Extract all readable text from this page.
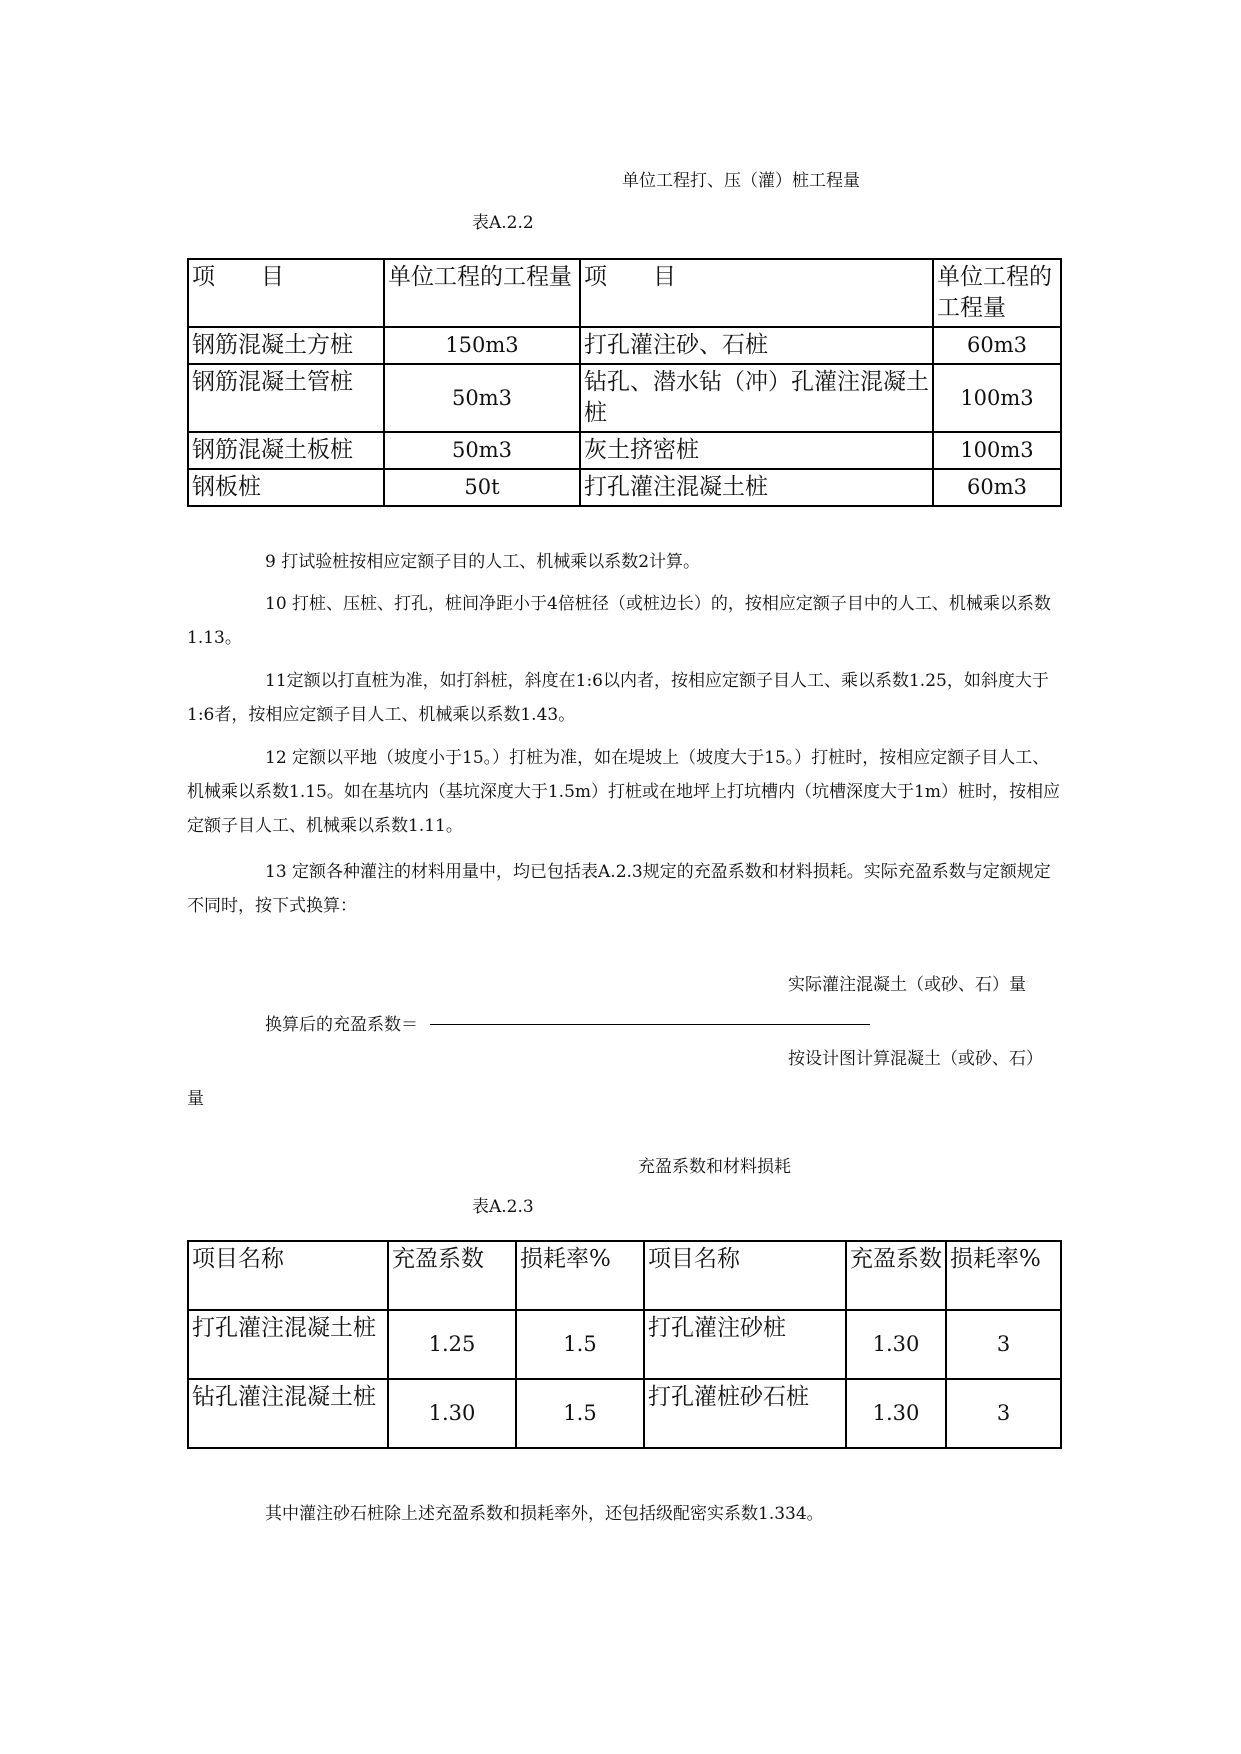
单位工程打、压（灌）桩工程量
表A.2.2
项　　目	单位工程的工程量	项　　目	单位工程的工程量
钢筋混凝土方桩	150m3	打孔灌注砂、石桩	60m3
钢筋混凝土管桩	50m3	钻孔、潜水钻（冲）孔灌注混凝土桩	100m3
钢筋混凝土板桩	50m3	灰土挤密桩	100m3
钢板桩	50t	打孔灌注混凝土桩	60m3
9 打试验桩按相应定额子目的人工、机械乘以系数2计算。
10 打桩、压桩、打孔，桩间净距小于4倍桩径（或桩边长）的，按相应定额子目中的人工、机械乘以系数1.13。
11定额以打直桩为准，如打斜桩，斜度在1:6以内者，按相应定额子目人工、乘以系数1.25，如斜度大于1:6者，按相应定额子目人工、机械乘以系数1.43。
12 定额以平地（坡度小于15。）打桩为准，如在堤坡上（坡度大于15。）打桩时，按相应定额子目人工、机械乘以系数1.15。如在基坑内（基坑深度大于1.5m）打桩或在地坪上打坑槽内（坑槽深度大于1m）桩时，按相应定额子目人工、机械乘以系数1.11。
13 定额各种灌注的材料用量中，均已包括表A.2.3规定的充盈系数和材料损耗。实际充盈系数与定额规定不同时，按下式换算：
实际灌注混凝土（或砂、石）量
换算后的充盈系数＝
按设计图计算混凝土（或砂、石）
量
充盈系数和材料损耗
表A.2.3
项目名称	充盈系数	损耗率%	项目名称	充盈系数	损耗率%
打孔灌注混凝土桩	1.25	1.5	打孔灌注砂桩	1.30	3
钻孔灌注混凝土桩	1.30	1.5	打孔灌桩砂石桩	1.30	3
其中灌注砂石桩除上述充盈系数和损耗率外，还包括级配密实系数1.334。
